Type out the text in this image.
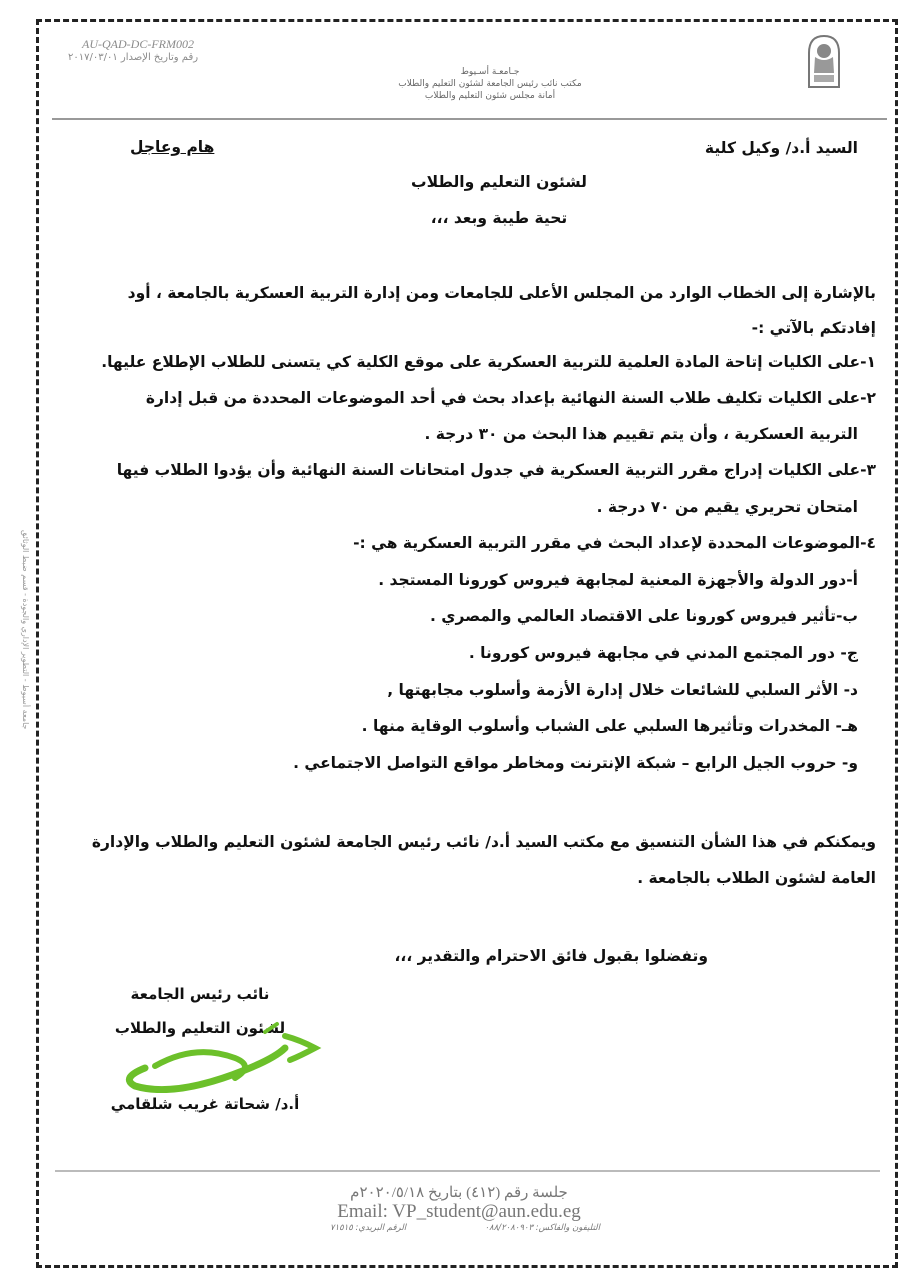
AU-QAD-DC-FRM002
رقم وتاريخ الإصدار ٢٠١٧/٠٣/٠١
جـامعـة أسـيوط
مكتب نائب رئيس الجامعة لشئون التعليم والطلاب
أمانة مجلس شئون التعليم والطلاب
جامعة أسيوط - التطوير الإداري والجودة - قسم ضبط الوثائق
السيد أ.د/ وكيل كلية
هام وعاجل
لشئون التعليم والطلاب
تحية طيبة وبعد ،،،
بالإشارة إلى الخطاب الوارد من المجلس الأعلى للجامعات ومن إدارة التربية العسكرية بالجامعة ، أود
إفادتكم بالآتي :-
١-على الكليات إتاحة المادة العلمية للتربية العسكرية على موقع الكلية كي يتسنى للطلاب الإطلاع عليها.
٢-على الكليات تكليف طلاب السنة النهائية بإعداد بحث في أحد الموضوعات المحددة من قبل إدارة
التربية العسكرية ، وأن يتم تقييم هذا البحث من ٣٠ درجة .
٣-على الكليات إدراج مقرر التربية العسكرية في جدول امتحانات السنة النهائية وأن يؤدوا الطلاب فيها
امتحان تحريري يقيم من ٧٠ درجة .
٤-الموضوعات المحددة لإعداد البحث في مقرر التربية العسكرية هي :-
أ-دور الدولة والأجهزة المعنية لمجابهة فيروس كورونا المستجد .
ب-تأثير فيروس كورونا على الاقتصاد العالمي والمصري .
ج- دور المجتمع المدني في مجابهة فيروس كورونا .
د- الأثر السلبي للشائعات خلال إدارة الأزمة وأسلوب مجابهتها ,
هـ- المخدرات وتأثيرها السلبي على الشباب وأسلوب الوقاية منها .
و- حروب الجيل الرابع – شبكة الإنترنت ومخاطر مواقع التواصل الاجتماعي .
ويمكنكم في هذا الشأن التنسيق مع مكتب السيد أ.د/ نائب رئيس الجامعة لشئون التعليم والطلاب والإدارة
العامة لشئون الطلاب بالجامعة .
وتفضلوا بقبول فائق الاحترام والتقدير ،،،
نائب رئيس الجامعة
لشئون التعليم والطلاب
أ.د/ شحاتة غريب شلقامي
جلسة رقم (٤١٢) بتاريخ ٢٠٢٠/٥/١٨م
Email: VP_student@aun.edu.eg
التليفون والفاكس: ٠٨٨/٢٠٨٠٩٠٣
الرقم البريدي: ٧١٥١٥
